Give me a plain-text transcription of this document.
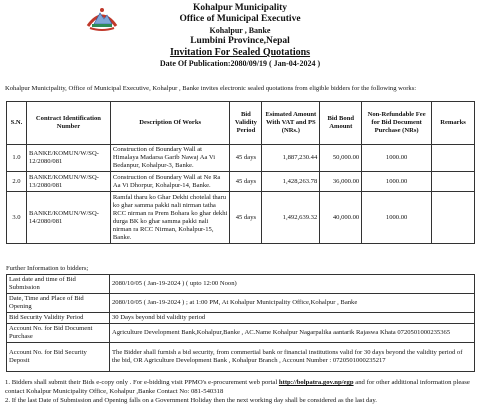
Kohalpur Municipality
Office of Municipal Executive
Kohalpur , Banke
Lumbini Province,Nepal
Invitation For Sealed Quotations
Date Of Publication:2080/09/19 ( Jan-04-2024 )
Kohalpur Municipality, Office of Municipal Executive, Kohalpur , Banke invites electronic sealed quotations from eligible bidders for the following works:
S.N.	Contract Identification Number	Description Of Works	Bid Validity Period	Esimated Amount With VAT and PS (NRs.)	Bid Bond Amount	Non-Refundable Fee for Bid Document Purchase (NRs)	Remarks
1.0	BANKE/KOMUN/W/SQ-12/2080/081	Construction of Boundary Wall at Himalaya Madarsa Garib Nawaj Aa Vi Bedanpur, Kohalpur-3, Banke.	45 days	1,887,230.44	50,000.00	1000.00	
2.0	BANKE/KOMUN/W/SQ-13/2080/081	Construction of Boundary Wall at Ne Ra Aa Vi Dhorpur, Kohalpur-14, Banke.	45 days	1,428,263.78	36,000.00	1000.00	
3.0	BANKE/KOMUN/W/SQ-14/2080/081	Ramfal tharu ko Ghar Dekhi chotelal tharu ko ghar samma pakki nali nirman tatha RCC nirman ra Prem Bohara ko ghar dekhi durga BK ko ghar samma pakki nali nirman ra RCC Nirman, Kohalpur-15, Banke.	45 days	1,492,639.32	40,000.00	1000.00	
Further Information to bidders;
Last date and time of Bid Submission	2080/10/05 ( Jan-19-2024 ) ( upto 12:00 Noon)
Date, Time and Place of Bid Opening	2080/10/05 ( Jan-19-2024 ) ; at 1:00 PM, At Kohalpur Municipality Office,Kohalpur , Banke
Bid Security Validity Period	30 Days beyond bid validity period
Account No. for Bid Document Purchase	Agriculture Development Bank,Kohalpur,Banke , AC.Name Kohalpur Nagarpalika aantarik Rajaswa Khata 0720501000235365
Account No. for Bid Security Deposit	The Bidder shall furnish a bid security, from commertial bank or financial institutions valid for 30 days beyond the validity period of the bid, OR Agriculture Development Bank , Kohalpur Branch , Account Number : 0720501000235217

1. Bidders shall submit their Bids e-copy only . For e-bidding visit PPMO's e-procurement web portal http://bolpatra.gov.np/egp and for other additional information please contact Kohalpur Municipality Office, Kohalpur ,Banke Contact No: 081-540318

2. If the last Date of Submission and Opening falls on a Government Holiday then the next working day shall be considered as the last day.
